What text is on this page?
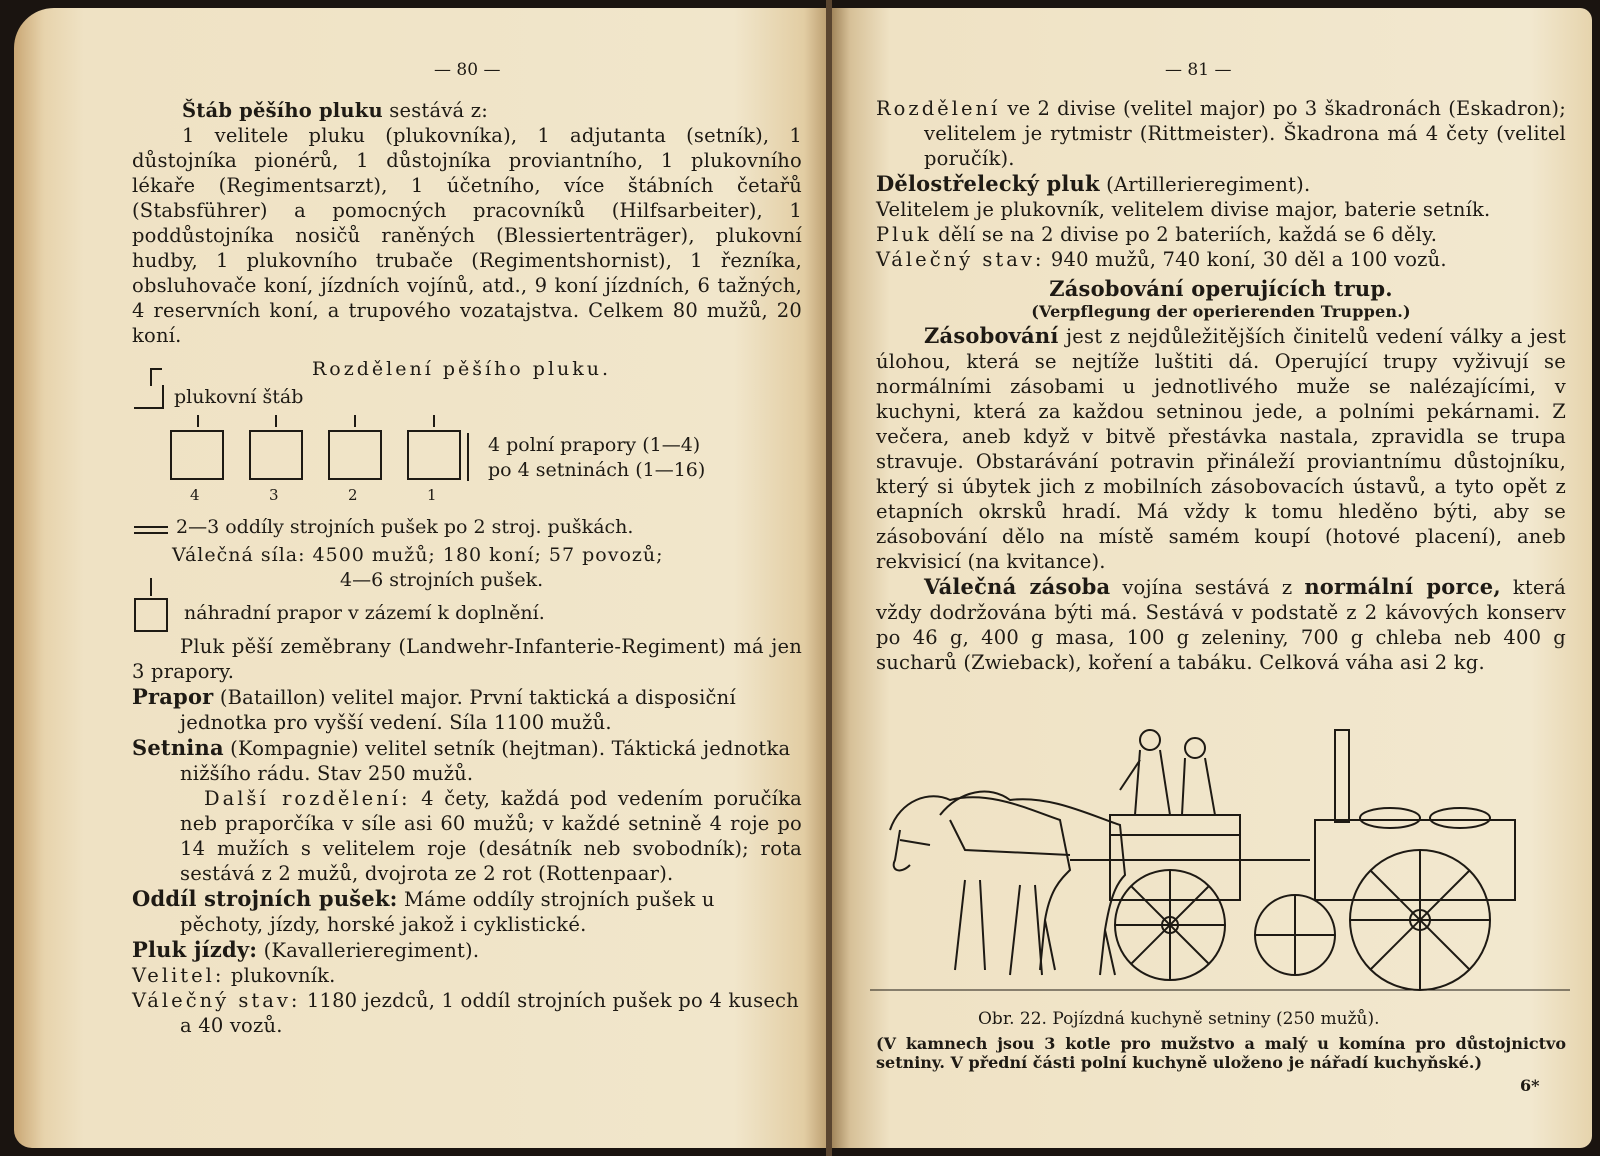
— 80 —

Štáb pěšího pluku sestává z:

1 velitele pluku (plukovníka), 1 adjutanta (setník), 1 důstojníka pionérů, 1 důstojníka proviantního, 1 plukovního lékaře (Regimentsarzt), 1 účetního, více štábních četařů (Stabsführer) a pomocných pracovníků (Hilfsarbeiter), 1 poddůstojníka nosičů raněných (Blessiertenträger), plukovní hudby, 1 plukovního trubače (Regimentshornist), 1 řezníka, obsluhovače koní, jízdních vojínů, atd., 9 koní jízdních, 6 tažných, 4 reservních koní, a trupového vozatajstva. Celkem 80 mužů, 20 koní.

Rozdělení pěšího pluku.
plukovní štáb
4	3	2	1
4 polní prapory (1—4)
po 4 setninách (1—16)
2—3 oddíly strojních pušek po 2 stroj. puškách.
Válečná síla: 4500 mužů; 180 koní; 57 povozů;
4—6 strojních pušek.
náhradní prapor v zázemí k doplnění.

Pluk pěší zeměbrany (Landwehr-Infanterie-Regiment) má jen 3 prapory.

Prapor (Bataillon) velitel major. První taktická a disposiční jednotka pro vyšší vedení. Síla 1100 mužů.

Setnina (Kompagnie) velitel setník (hejtman). Táktická jednotka nižšího rádu. Stav 250 mužů.

Další rozdělení: 4 čety, každá pod vedením poručíka neb praporčíka v síle asi 60 mužů; v každé setnině 4 roje po 14 mužích s velitelem roje (desátník neb svobodník); rota sestává z 2 mužů, dvojrota ze 2 rot (Rottenpaar).

Oddíl strojních pušek: Máme oddíly strojních pušek u pěchoty, jízdy, horské jakož i cyklistické.

Pluk jízdy: (Kavallerieregiment).

Velitel: plukovník.

Válečný stav: 1180 jezdců, 1 oddíl strojních pušek po 4 kusech a 40 vozů.

— 81 —

Rozdělení ve 2 divise (velitel major) po 3 škadronách (Eskadron); velitelem je rytmistr (Rittmeister). Škadrona má 4 čety (velitel poručík).

Dělostřelecký pluk (Artillerieregiment).

Velitelem je plukovník, velitelem divise major, baterie setník.

Pluk dělí se na 2 divise po 2 bateriích, každá se 6 děly.

Válečný stav: 940 mužů, 740 koní, 30 děl a 100 vozů.

Zásobování operujících trup.

(Verpflegung der operierenden Truppen.)

Zásobování jest z nejdůležitějších činitelů vedení války a jest úlohou, která se nejtíže luštiti dá. Operující trupy vyživují se normálními zásobami u jednotlivého muže se nalézajícími, v kuchyni, která za každou setninou jede, a polními pekárnami. Z večera, aneb když v bitvě přestávka nastala, zpravidla se trupa stravuje. Obstarávání potravin přináleží proviantnímu důstojníku, který si úbytek jich z mobilních zásobovacích ústavů, a tyto opět z etapních okrsků hradí. Má vždy k tomu hleděno býti, aby se zásobování dělo na místě samém koupí (hotové placení), aneb rekvisicí (na kvitance).

Válečná zásoba vojína sestává z normální porce, která vždy dodržována býti má. Sestává v podstatě z 2 kávových konserv po 46 g, 400 g masa, 100 g zeleniny, 700 g chleba neb 400 g sucharů (Zwieback), koření a tabáku. Celková váha asi 2 kg.

Obr. 22. Pojízdná kuchyně setniny (250 mužů).
(V kamnech jsou 3 kotle pro mužstvo a malý u komína pro důstojnictvo setniny. V přední části polní kuchyně uloženo je nářadí kuchyňské.)
6*
